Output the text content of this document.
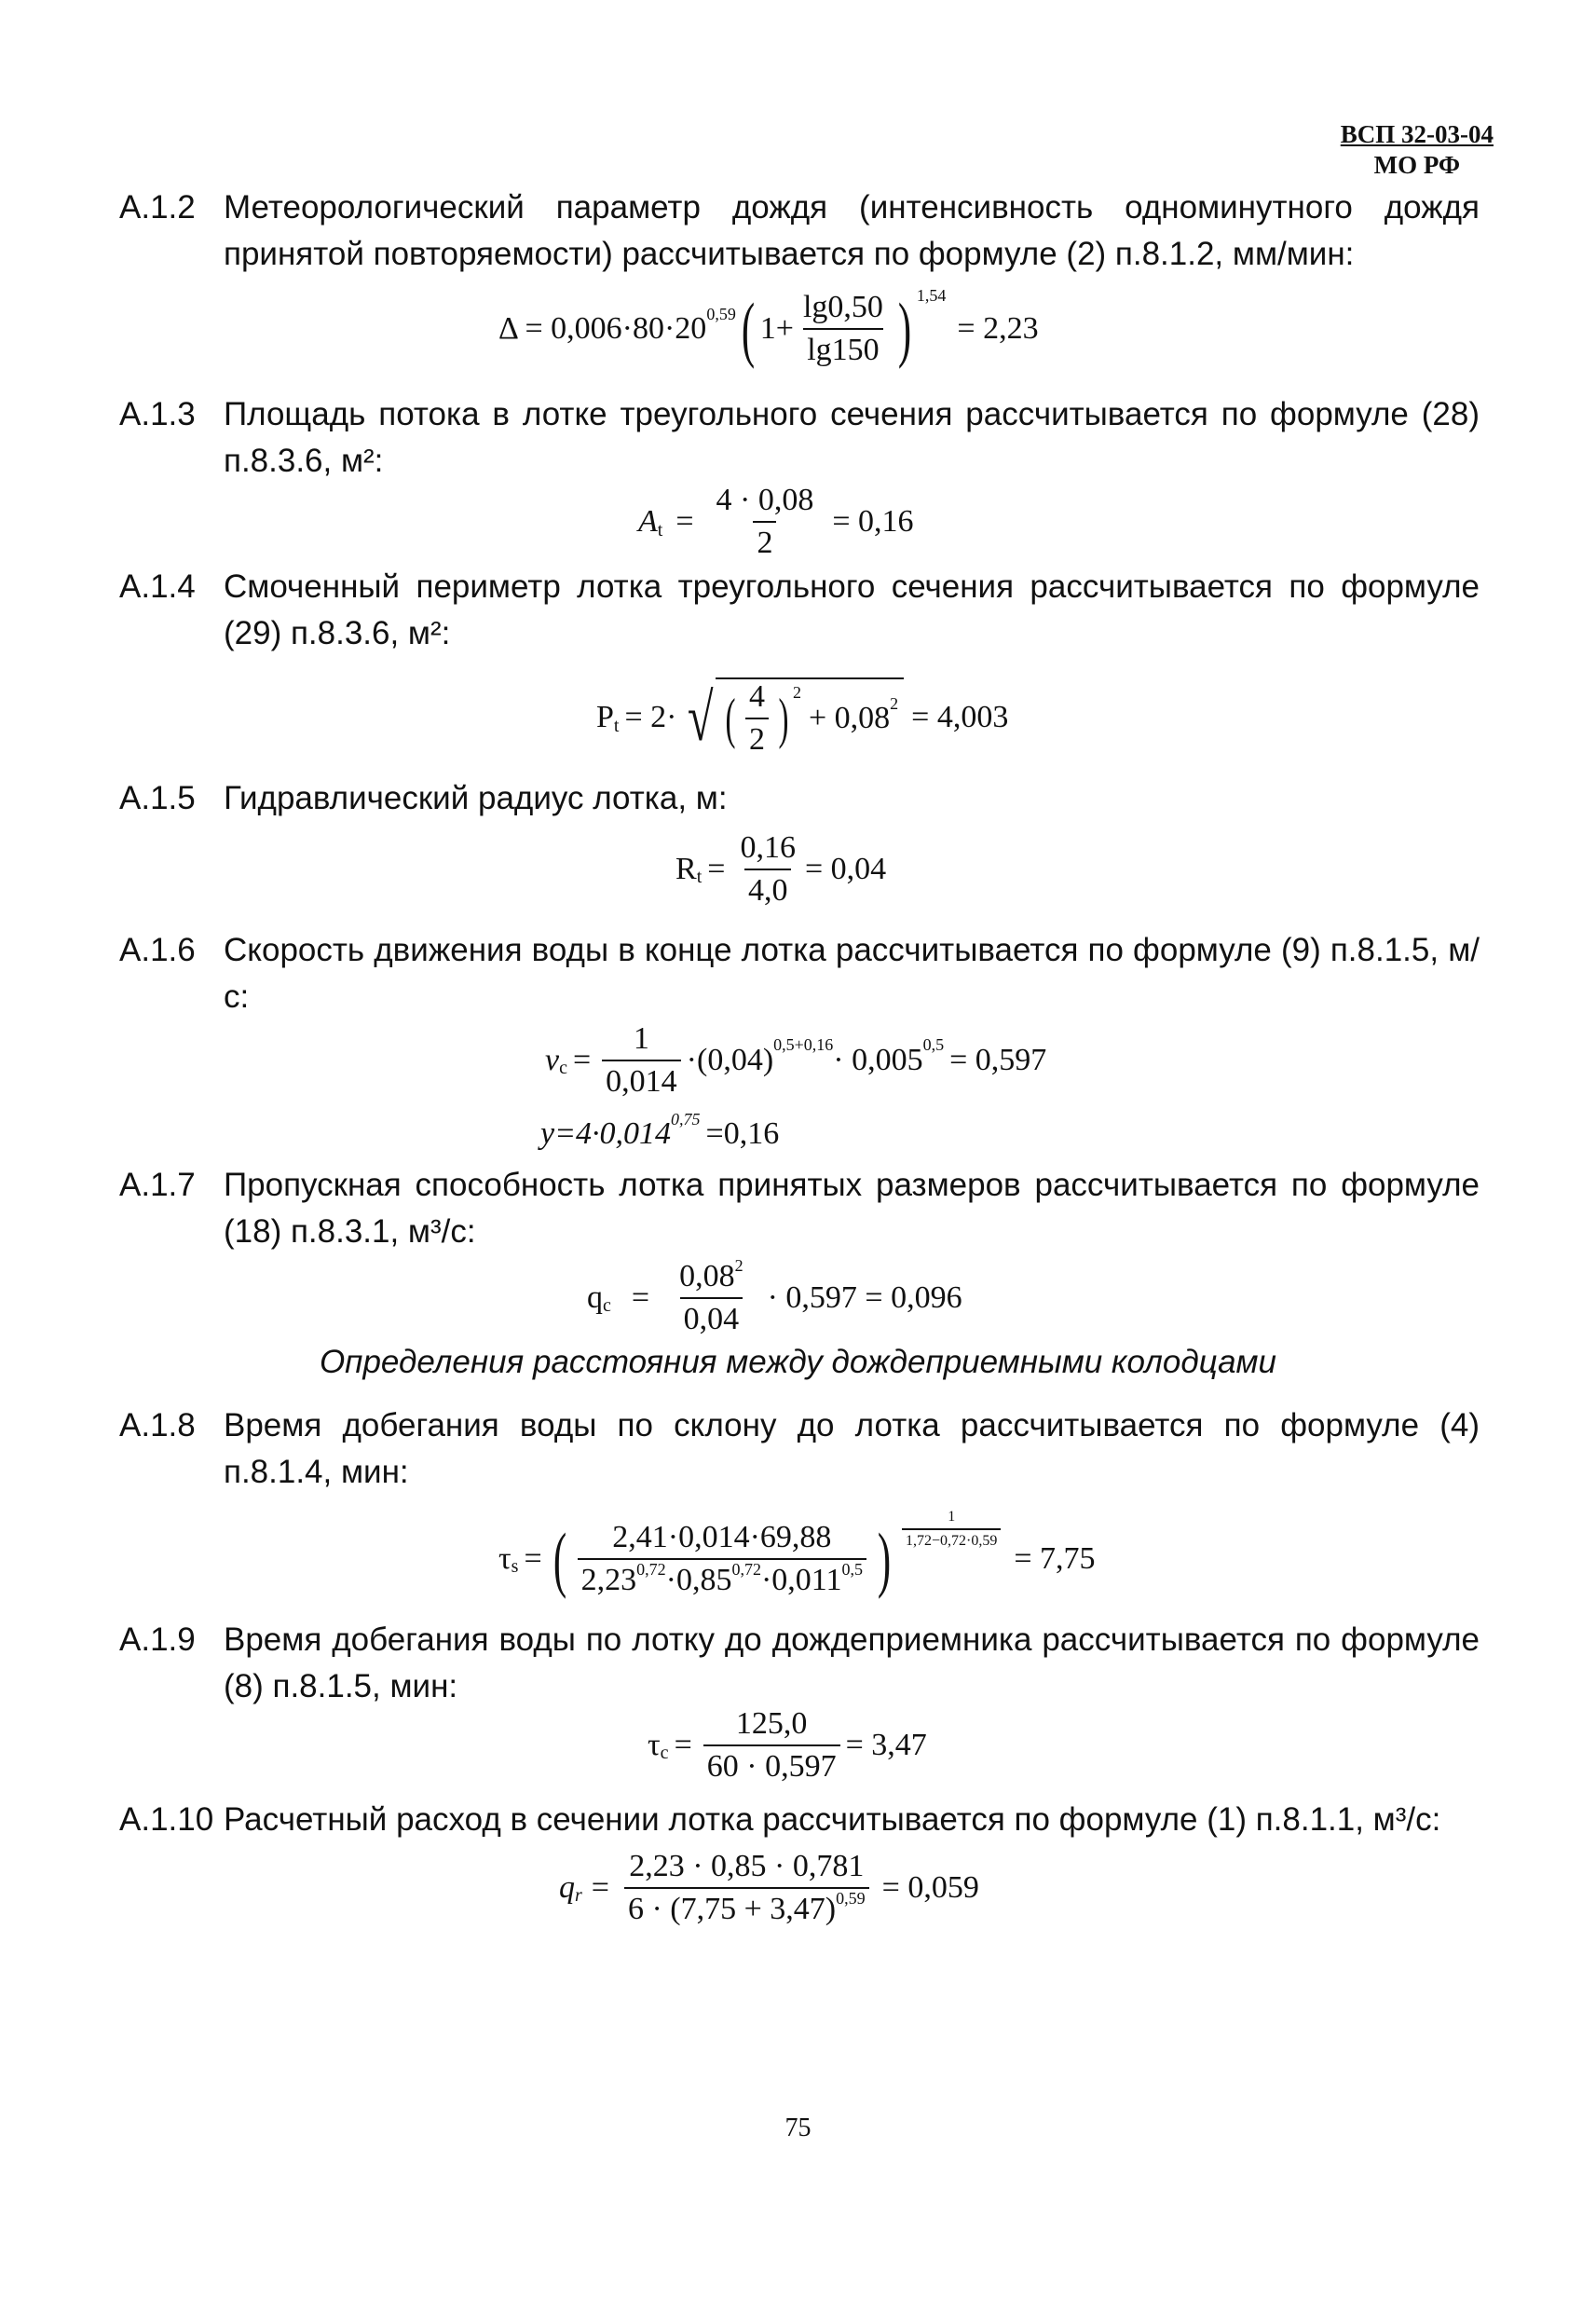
ВСП 32-03-04
МО РФ
А.1.2 Метеорологический параметр дождя (интенсивность одноминутного дождя принятой повторяемости) рассчитывается по формуле (2) п.8.1.2, мм/мин:
Δ = 0,006·80·20 0,59 ( $1+ \frac{\lg 0,50}{\lg 150}$ ) 1,54
= 2,23
А.1.3 Площадь потока в лотке треугольного сечения рассчитывается по формуле (28) п.8.3.6, м²:
A $t = \frac{4 \cdot 0,08}{2} = 0,16$
А.1.4 Смоченный периметр лотка треугольного сечения рассчитывается по формуле (29) п.8.3.6, м²:
P t = 2· √ ( $\frac{4}{2}$ ) 2
+ 0,08 2 = 4,003
А.1.5 Гидравлический радиус лотка, м:
R $t = \frac{0,16}{4,0} = 0,04$
А.1.6 Скорость движения воды в конце лотка рассчитывается по формуле (9) п.8.1.5, м/с:
v $c = \frac{1}{0,014} \cdot(0,04) 0,5+0,16 \cdot 0,005$ 0,5 = 0,597
y=4·0,014 0,75 =0,16
А.1.7 Пропускная способность лотка принятых размеров рассчитывается по формуле (18) п.8.3.1, м³/с:
q $c = \frac{0,08^2}{0,04} \cdot 0,597 = 0,096$
Определения расстояния между дождеприемными колодцами
А.1.8 Время добегания воды по склону до лотка рассчитывается по формуле (4) п.8.1.4, мин:
τ s = ( $\frac{2,41\cdot 0,014\cdot 69,88}{2,23^{0,72}\cdot 0,85^{0,72}\cdot 0,011^{0,5}}$ ) $\frac{1}{1,72-0,72\cdot 0,59}$
= 7,75
А.1.9 Время добегания воды по лотку до дождеприемника рассчитывается по формуле (8) п.8.1.5, мин:
τ $c = \frac{125,0}{60 \cdot 0,597} = 3,47$
А.1.10 Расчетный расход в сечении лотка рассчитывается по формуле (1) п.8.1.1, м³/с:
q $r = \frac{2,23 \cdot 0,85 \cdot 0,781}{6 \cdot (7,75 + 3,47)^{0,59}} = 0,059$
75
